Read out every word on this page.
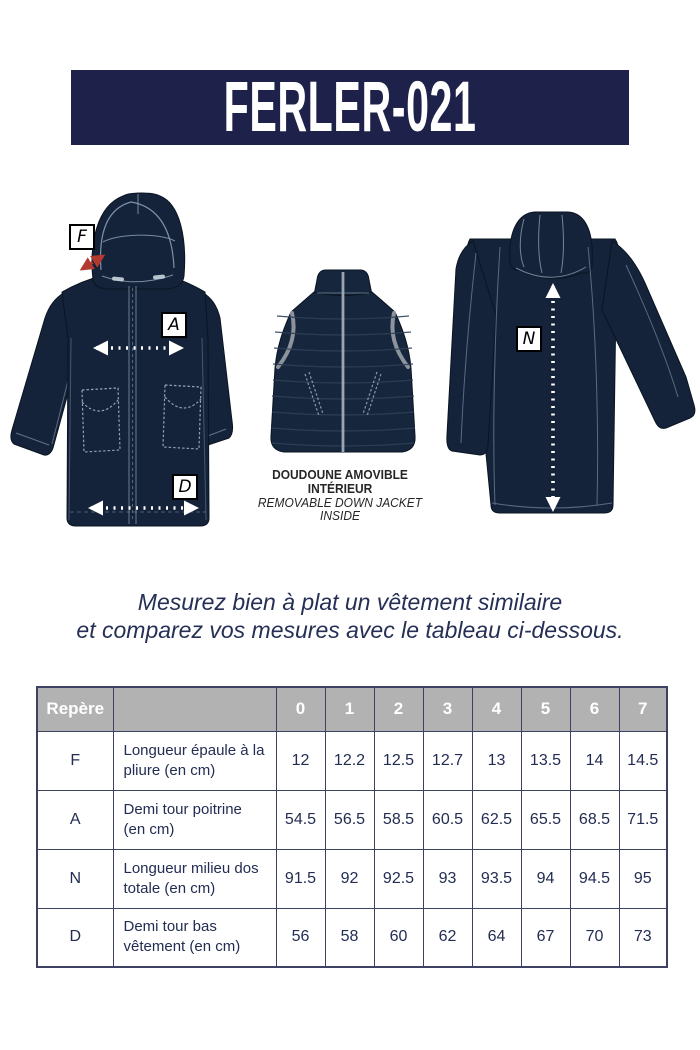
FERLER-021
F
A
D
N
DOUDOUNE AMOVIBLE
INTÉRIEUR
REMOVABLE DOWN JACKET
INSIDE
Mesurez bien à plat un vêtement similaire
et comparez vos mesures avec le tableau ci-dessous.
Repère		0	1	2	3	4	5	6	7
F	Longueur épaule à la pliure (en cm)	12	12.2	12.5	12.7	13	13.5	14	14.5
A	Demi tour poitrine (en cm)	54.5	56.5	58.5	60.5	62.5	65.5	68.5	71.5
N	Longueur milieu dos totale (en cm)	91.5	92	92.5	93	93.5	94	94.5	95
D	Demi tour bas vêtement (en cm)	56	58	60	62	64	67	70	73
